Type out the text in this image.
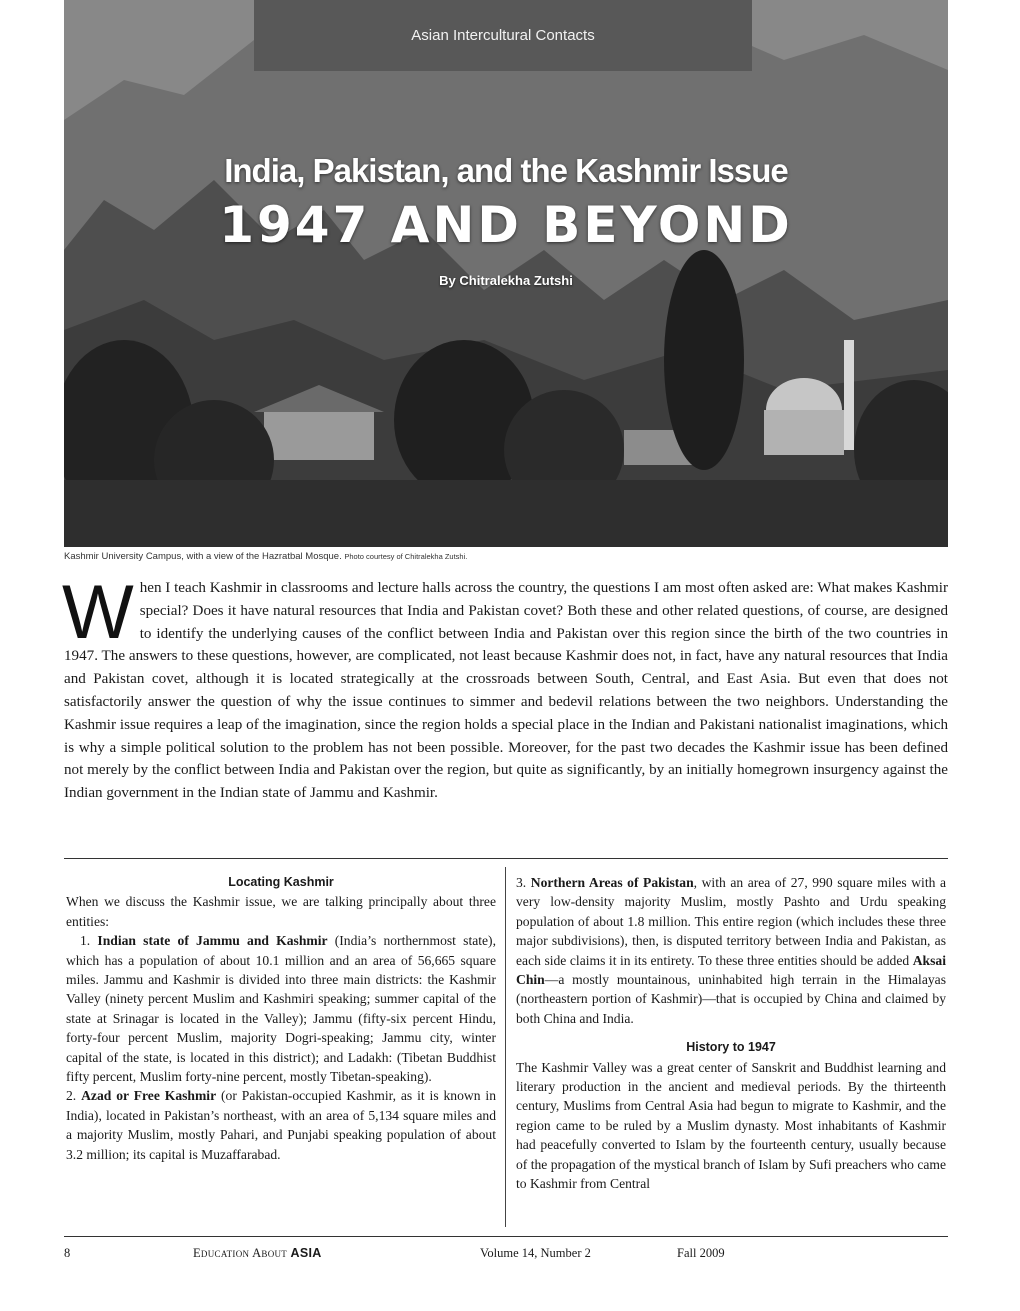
Asian Intercultural Contacts
India, Pakistan, and the Kashmir Issue
1947 AND BEYOND
By Chitralekha Zutshi
Kashmir University Campus, with a view of the Hazratbal Mosque. Photo courtesy of Chitralekha Zutshi.
When I teach Kashmir in classrooms and lecture halls across the country, the questions I am most often asked are: What makes Kashmir special? Does it have natural resources that India and Pakistan covet? Both these and other related questions, of course, are designed to identify the underlying causes of the conflict between India and Pakistan over this region since the birth of the two countries in 1947. The answers to these questions, however, are complicated, not least because Kashmir does not, in fact, have any natural resources that India and Pakistan covet, although it is located strategically at the crossroads between South, Central, and East Asia. But even that does not satisfactorily answer the question of why the issue continues to simmer and bedevil relations between the two neighbors. Understanding the Kashmir issue requires a leap of the imagination, since the region holds a special place in the Indian and Pakistani nationalist imaginations, which is why a simple political solution to the problem has not been possible. Moreover, for the past two decades the Kashmir issue has been defined not merely by the conflict between India and Pakistan over the region, but quite as significantly, by an initially homegrown insurgency against the Indian government in the Indian state of Jammu and Kashmir.
Locating Kashmir

When we discuss the Kashmir issue, we are talking principally about three entities:

1. Indian state of Jammu and Kashmir (India’s northernmost state), which has a population of about 10.1 million and an area of 56,665 square miles. Jammu and Kashmir is divided into three main districts: the Kashmir Valley (ninety percent Muslim and Kashmiri speaking; summer capital of the state at Srinagar is located in the Valley); Jammu (fifty-six percent Hindu, forty-four percent Muslim, majority Dogri-speaking; Jammu city, winter capital of the state, is located in this district); and Ladakh: (Tibetan Buddhist fifty percent, Muslim forty-nine percent, mostly Tibetan-speaking).

2. Azad or Free Kashmir (or Pakistan-occupied Kashmir, as it is known in India), located in Pakistan’s northeast, with an area of 5,134 square miles and a majority Muslim, mostly Pahari, and Punjabi speaking population of about 3.2 million; its capital is Muzaffarabad.

3. Northern Areas of Pakistan, with an area of 27, 990 square miles with a very low-density majority Muslim, mostly Pashto and Urdu speaking population of about 1.8 million. This entire region (which includes these three major subdivisions), then, is disputed territory between India and Pakistan, as each side claims it in its entirety. To these three entities should be added Aksai Chin—a mostly mountainous, uninhabited high terrain in the Himalayas (northeastern portion of Kashmir)—that is occupied by China and claimed by both China and India.

History to 1947

The Kashmir Valley was a great center of Sanskrit and Buddhist learning and literary production in the ancient and medieval periods. By the thirteenth century, Muslims from Central Asia had begun to migrate to Kashmir, and the region came to be ruled by a Muslim dynasty. Most inhabitants of Kashmir had peacefully converted to Islam by the fourteenth century, usually because of the propagation of the mystical branch of Islam by Sufi preachers who came to Kashmir from Central

8	Education About ASIA	Volume 14, Number 2	Fall 2009
